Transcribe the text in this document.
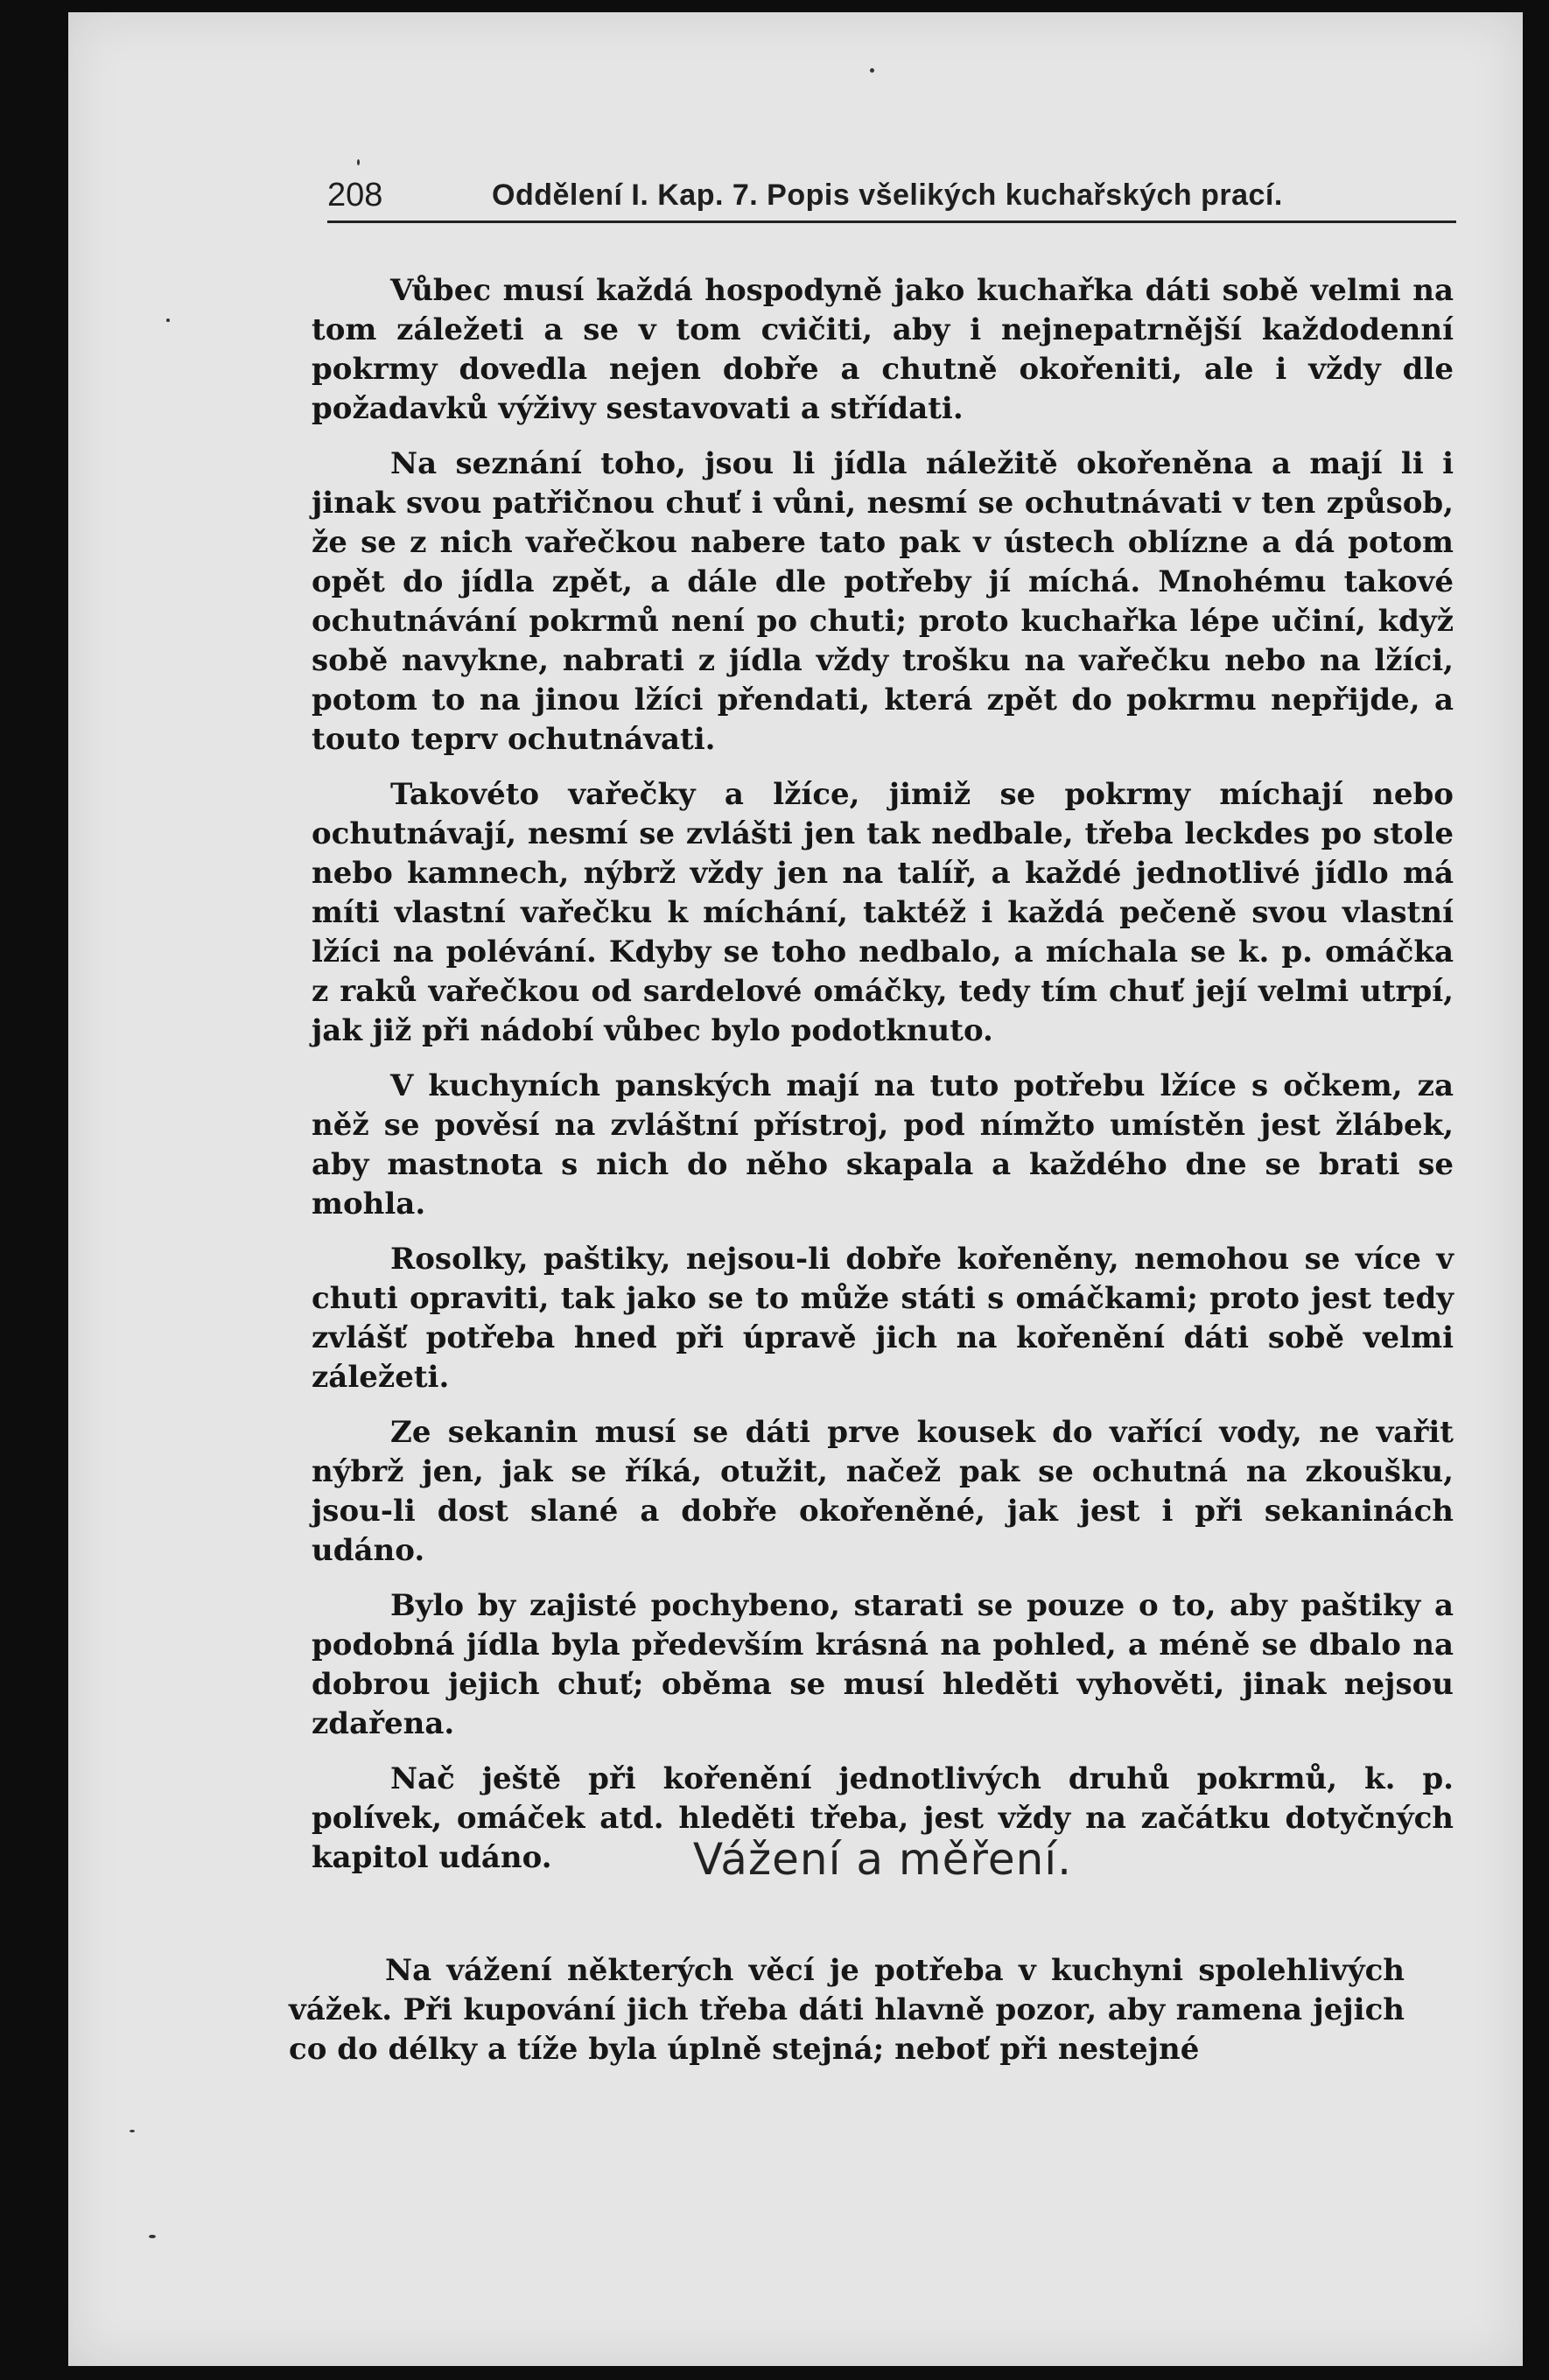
208	Oddělení I. Kap. 7. Popis všelikých kuchařských prací.

Vůbec musí každá hospodyně jako kuchařka dáti sobě velmi na tom záležeti a se v tom cvičiti, aby i nejnepatrnější každodenní pokrmy dovedla nejen dobře a chutně okořeniti, ale i vždy dle požadavků výživy sestavovati a střídati.

Na seznání toho, jsou li jídla náležitě okořeněna a mají li i jinak svou patřičnou chuť i vůni, nesmí se ochutnávati v ten způsob, že se z nich vařečkou nabere tato pak v ústech oblízne a dá potom opět do jídla zpět, a dále dle potřeby jí míchá. Mnohému takové ochutnávání pokrmů není po chuti; proto kuchařka lépe učiní, když sobě navykne, nabrati z jídla vždy trošku na vařečku nebo na lžíci, potom to na jinou lžíci přendati, která zpět do pokrmu nepřijde, a touto teprv ochutnávati.

Takovéto vařečky a lžíce, jimiž se pokrmy míchají nebo ochutnávají, nesmí se zvlášti jen tak nedbale, třeba leckdes po stole nebo kamnech, nýbrž vždy jen na talíř, a každé jednotlivé jídlo má míti vlastní vařečku k míchání, taktéž i každá pečeně svou vlastní lžíci na polévání. Kdyby se toho nedbalo, a míchala se k. p. omáčka z raků vařečkou od sardelové omáčky, tedy tím chuť její velmi utrpí, jak již při nádobí vůbec bylo podotknuto.

V kuchyních panských mají na tuto potřebu lžíce s očkem, za něž se pověsí na zvláštní přístroj, pod nímžto umístěn jest žlábek, aby mastnota s nich do něho skapala a každého dne se brati se mohla.

Rosolky, paštiky, nejsou-li dobře kořeněny, nemohou se více v chuti opraviti, tak jako se to může státi s omáčkami; proto jest tedy zvlášť potřeba hned při úpravě jich na kořenění dáti sobě velmi záležeti.

Ze sekanin musí se dáti prve kousek do vařící vody, ne vařit nýbrž jen, jak se říká, otužit, načež pak se ochutná na zkoušku, jsou-li dost slané a dobře okořeněné, jak jest i při sekaninách udáno.

Bylo by zajisté pochybeno, starati se pouze o to, aby paštiky a podobná jídla byla především krásná na pohled, a méně se dbalo na dobrou jejich chuť; oběma se musí hleděti vyhověti, jinak nejsou zdařena.

Nač ještě při kořenění jednotlivých druhů pokrmů, k. p. polívek, omáček atd. hleděti třeba, jest vždy na začátku dotyčných kapitol udáno.	Vážení a měření.

Na vážení některých věcí je potřeba v kuchyni spolehlivých vážek. Při kupování jich třeba dáti hlavně pozor, aby ramena jejich co do délky a tíže byla úplně stejná; neboť při nestejné
